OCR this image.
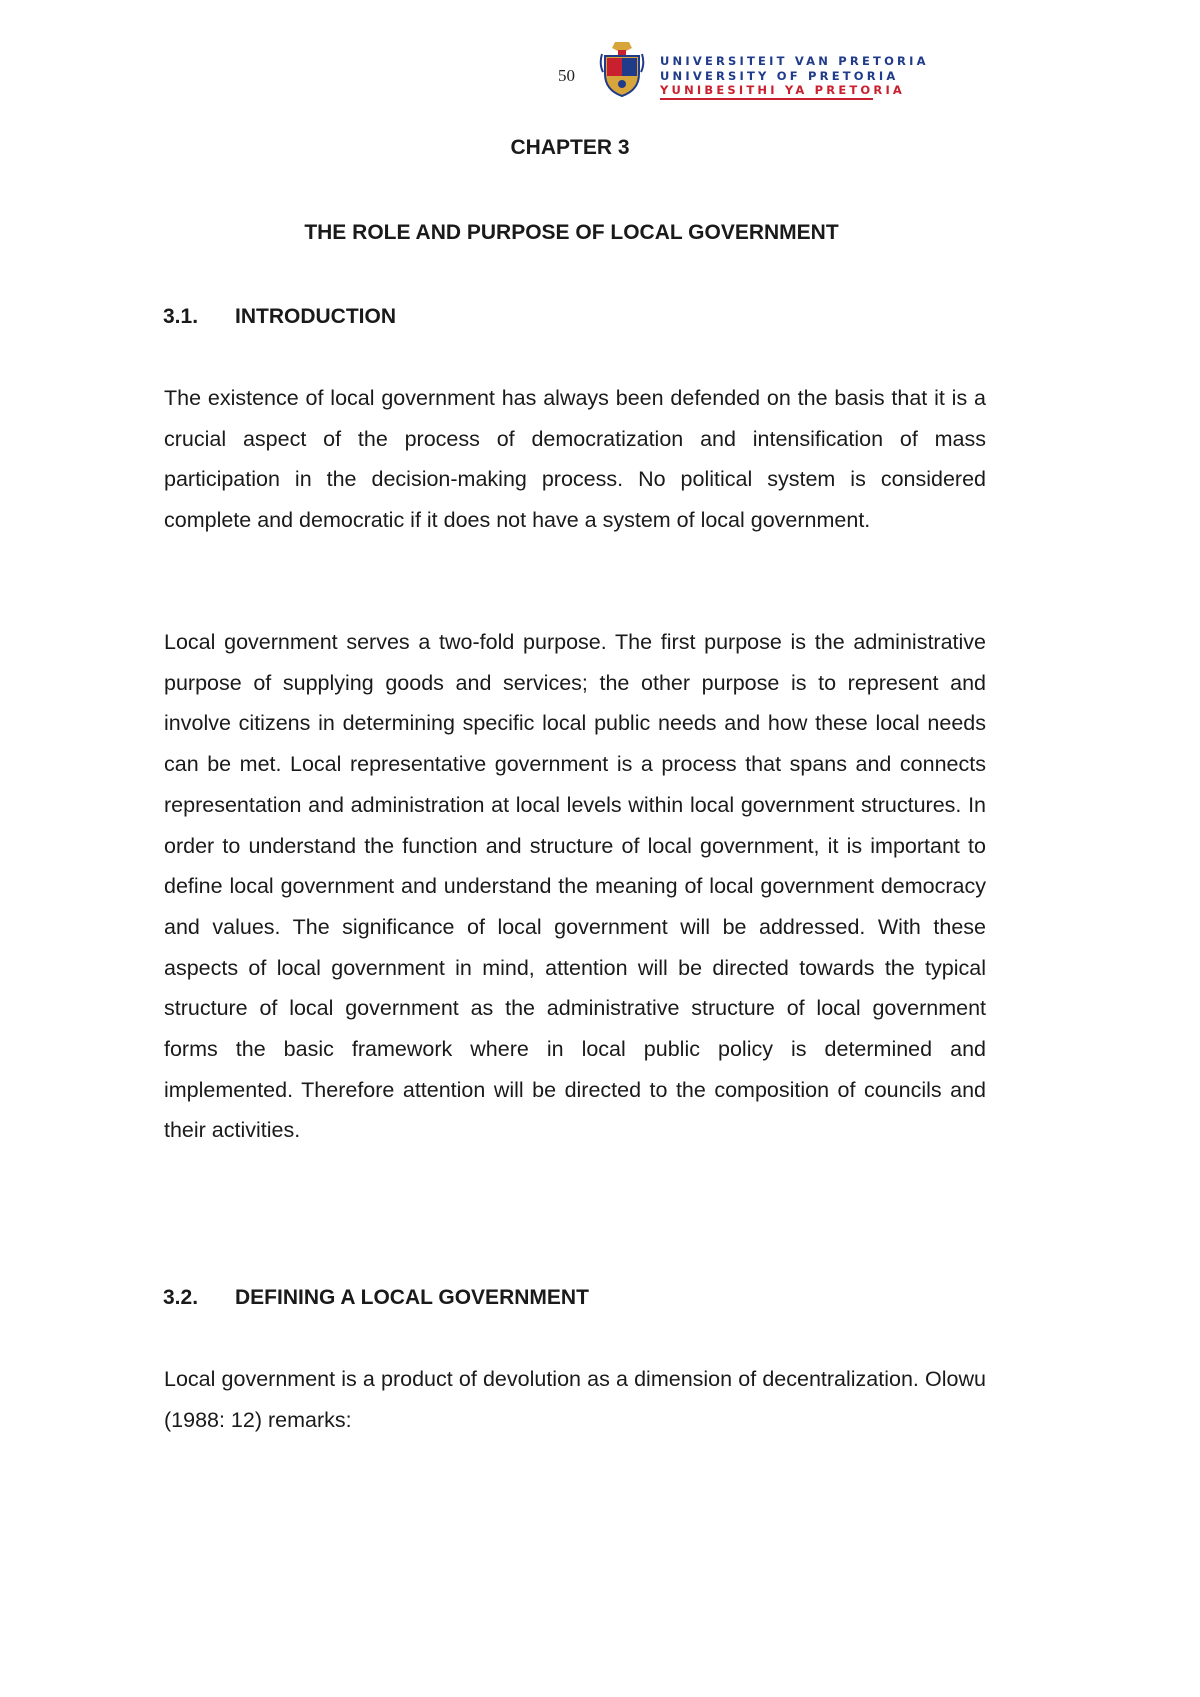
50
UNIVERSITEIT VAN PRETORIA
UNIVERSITY OF PRETORIA
YUNIBESITHI YA PRETORIA
CHAPTER 3
THE ROLE AND PURPOSE OF LOCAL GOVERNMENT
3.1. INTRODUCTION

The existence of local government has always been defended on the basis that it is a crucial aspect of the process of democratization and intensification of mass participation in the decision-making process. No political system is considered complete and democratic if it does not have a system of local government.

Local government serves a two-fold purpose. The first purpose is the administrative purpose of supplying goods and services; the other purpose is to represent and involve citizens in determining specific local public needs and how these local needs can be met. Local representative government is a process that spans and connects representation and administration at local levels within local government structures. In order to understand the function and structure of local government, it is important to define local government and understand the meaning of local government democracy and values. The significance of local government will be addressed. With these aspects of local government in mind, attention will be directed towards the typical structure of local government as the administrative structure of local government forms the basic framework where in local public policy is determined and implemented. Therefore attention will be directed to the composition of councils and their activities.

3.2. DEFINING A LOCAL GOVERNMENT

Local government is a product of devolution as a dimension of decentralization. Olowu (1988: 12) remarks:
